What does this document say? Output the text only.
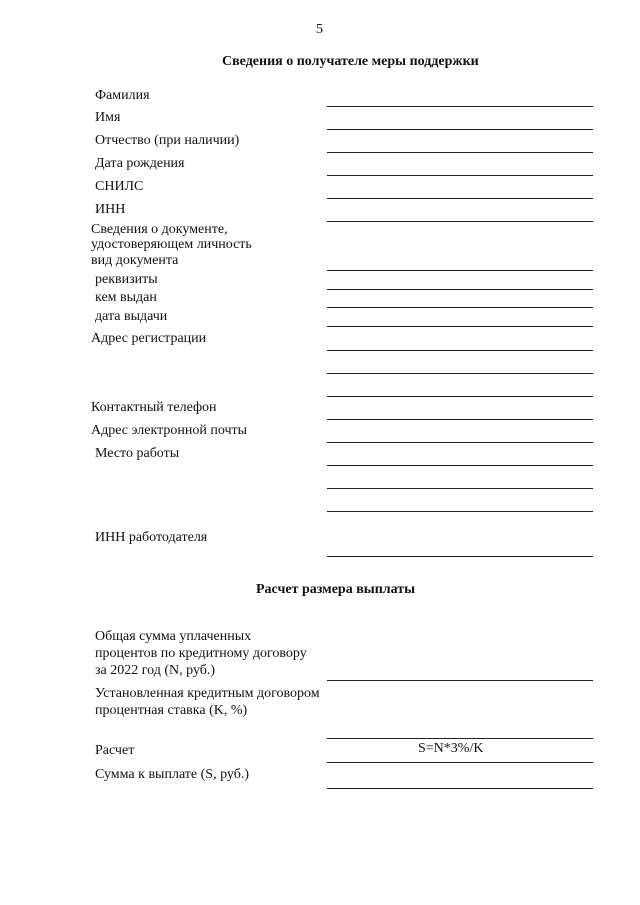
5
Сведения о получателе меры поддержки
Фамилия
Имя
Отчество (при наличии)
Дата рождения
СНИЛС
ИНН
Сведения о документе, удостоверяющем личность
вид документа
реквизиты
кем выдан
дата выдачи
Адрес регистрации
Контактный телефон
Адрес электронной почты
Место работы
ИНН работодателя
Расчет размера выплаты
Общая сумма уплаченных процентов по кредитному договору за 2022 год (N, руб.)
Установленная кредитным договором процентная ставка (K, %)
Расчет	S=N*3%/K
Сумма к выплате (S, руб.)
